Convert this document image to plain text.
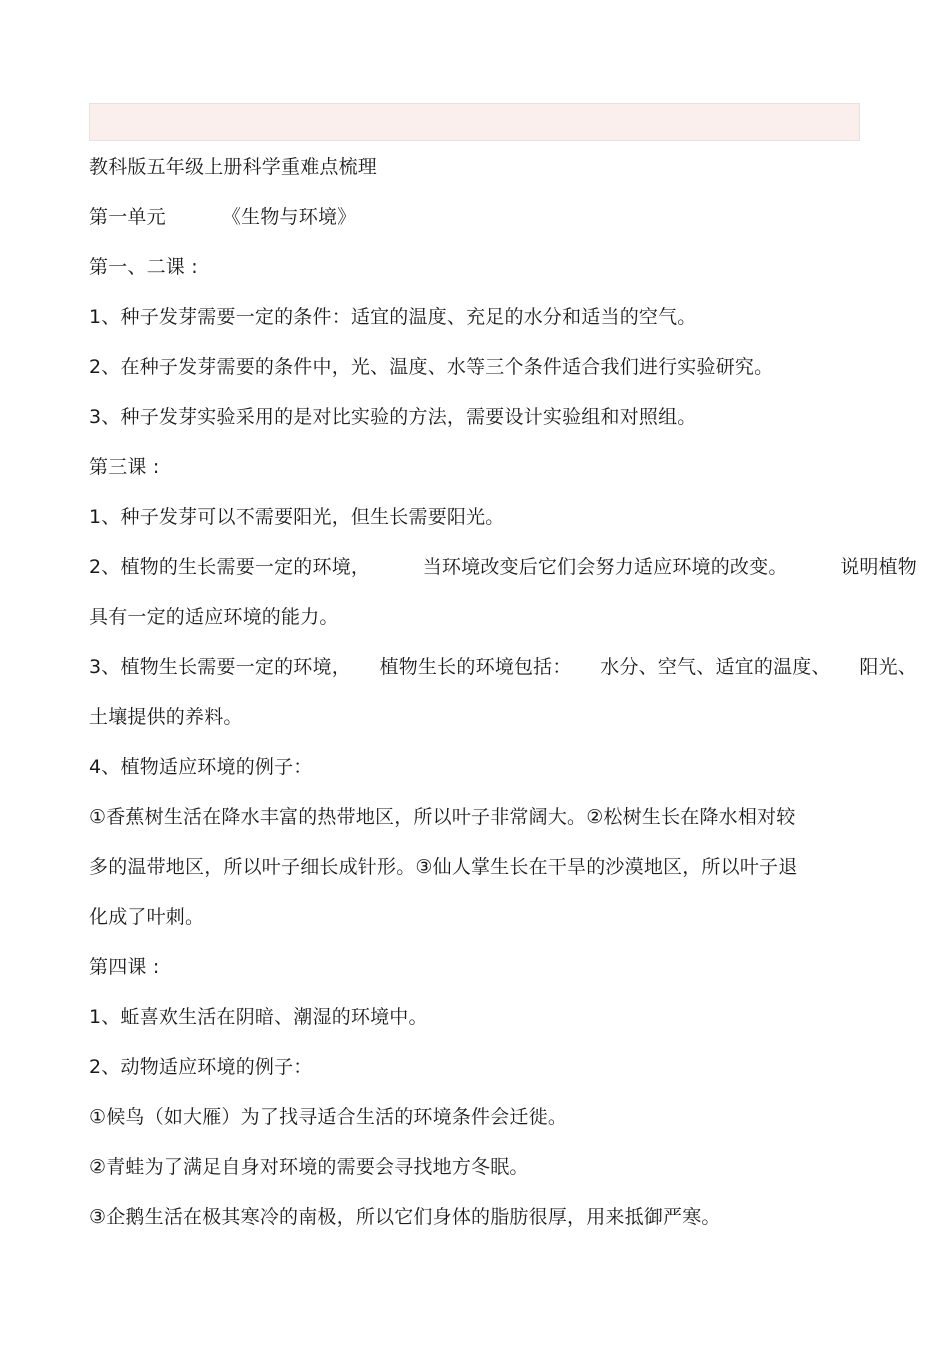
教科版五年级上册科学重难点梳理
第一单元         《生物与环境》
第一、二课 :
1、种子发芽需要一定的条件：适宜的温度、充足的水分和适当的空气。
2、在种子发芽需要的条件中，光、温度、水等三个条件适合我们进行实验研究。
3、种子发芽实验采用的是对比实验的方法，需要设计实验组和对照组。
第三课 :
1、种子发芽可以不需要阳光，但生长需要阳光。
2、植物的生长需要一定的环境，	当环境改变后它们会努力适应环境的改变。	说明植物
具有一定的适应环境的能力。
3、植物生长需要一定的环境， 植物生长的环境包括： 水分、空气、适宜的温度、 阳光、
土壤提供的养料。
4、植物适应环境的例子：
①香蕉树生活在降水丰富的热带地区，所以叶子非常阔大。②松树生长在降水相对较
多的温带地区，所以叶子细长成针形。③仙人掌生长在干旱的沙漠地区，所以叶子退
化成了叶刺。
第四课 :
1、蚯喜欢生活在阴暗、潮湿的环境中。
2、动物适应环境的例子：
①候鸟（如大雁）为了找寻适合生活的环境条件会迁徙。
②青蛙为了满足自身对环境的需要会寻找地方冬眠。
③企鹅生活在极其寒冷的南极，所以它们身体的脂肪很厚，用来抵御严寒。
